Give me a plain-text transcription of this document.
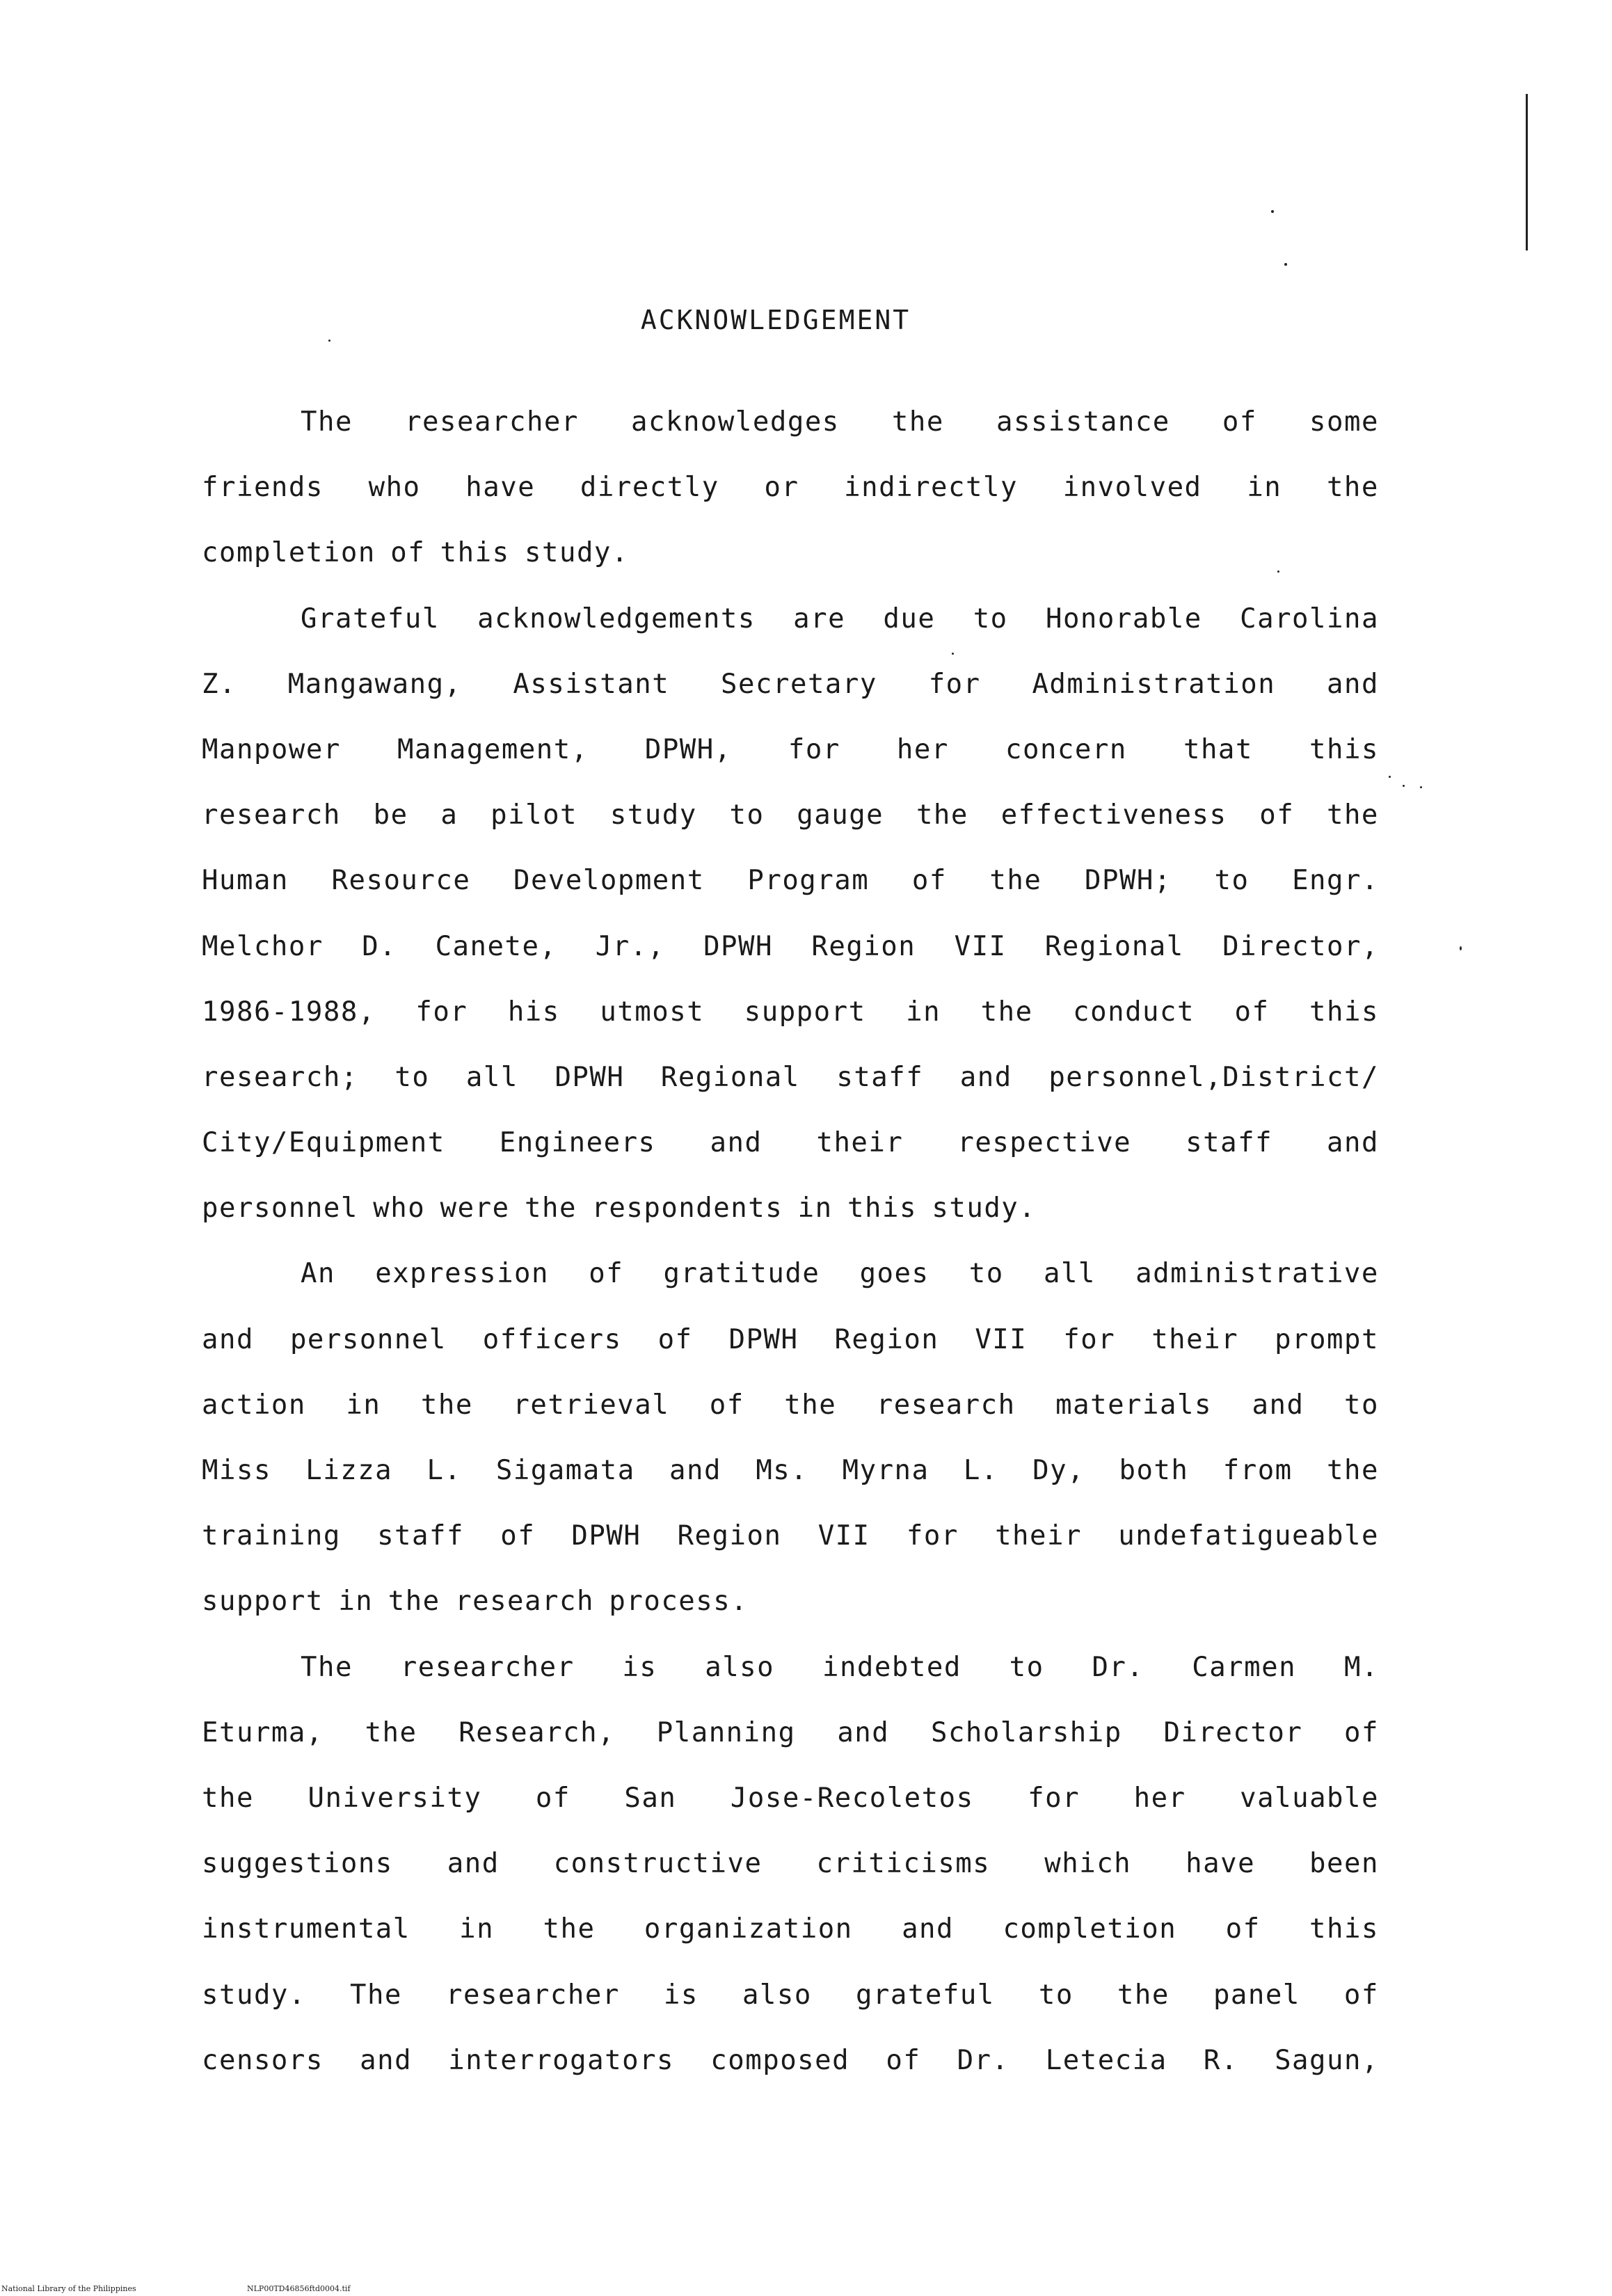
ACKNOWLEDGEMENT
The researcher acknowledges the assistance of some
friends who have directly or indirectly involved in the
completion of this study.
Grateful acknowledgements are due to Honorable Carolina
Z. Mangawang, Assistant Secretary for Administration and
Manpower Management, DPWH, for her concern that this
research be a pilot study to gauge the effectiveness of the
Human Resource Development Program of the DPWH; to Engr.
Melchor D. Canete, Jr., DPWH Region VII Regional Director,
1986-1988, for his utmost support in the conduct of this
research; to all DPWH Regional staff and personnel,District/
City/Equipment Engineers and their respective staff and
personnel who were the respondents in this study.
An expression of gratitude goes to all administrative
and personnel officers of DPWH Region VII for their prompt
action in the retrieval of the research materials and to
Miss Lizza L. Sigamata and Ms. Myrna L. Dy, both from the
training staff of DPWH Region VII for their undefatigueable
support in the research process.
The researcher is also indebted to Dr. Carmen M.
Eturma, the Research, Planning and Scholarship Director of
the University of San Jose-Recoletos for her valuable
suggestions and constructive criticisms which have been
instrumental in the organization and completion of this
study. The researcher is also grateful to the panel of
censors and interrogators composed of Dr. Letecia R. Sagun,
National Library of the Philippines	NLP00TD46856ftd0004.tif
